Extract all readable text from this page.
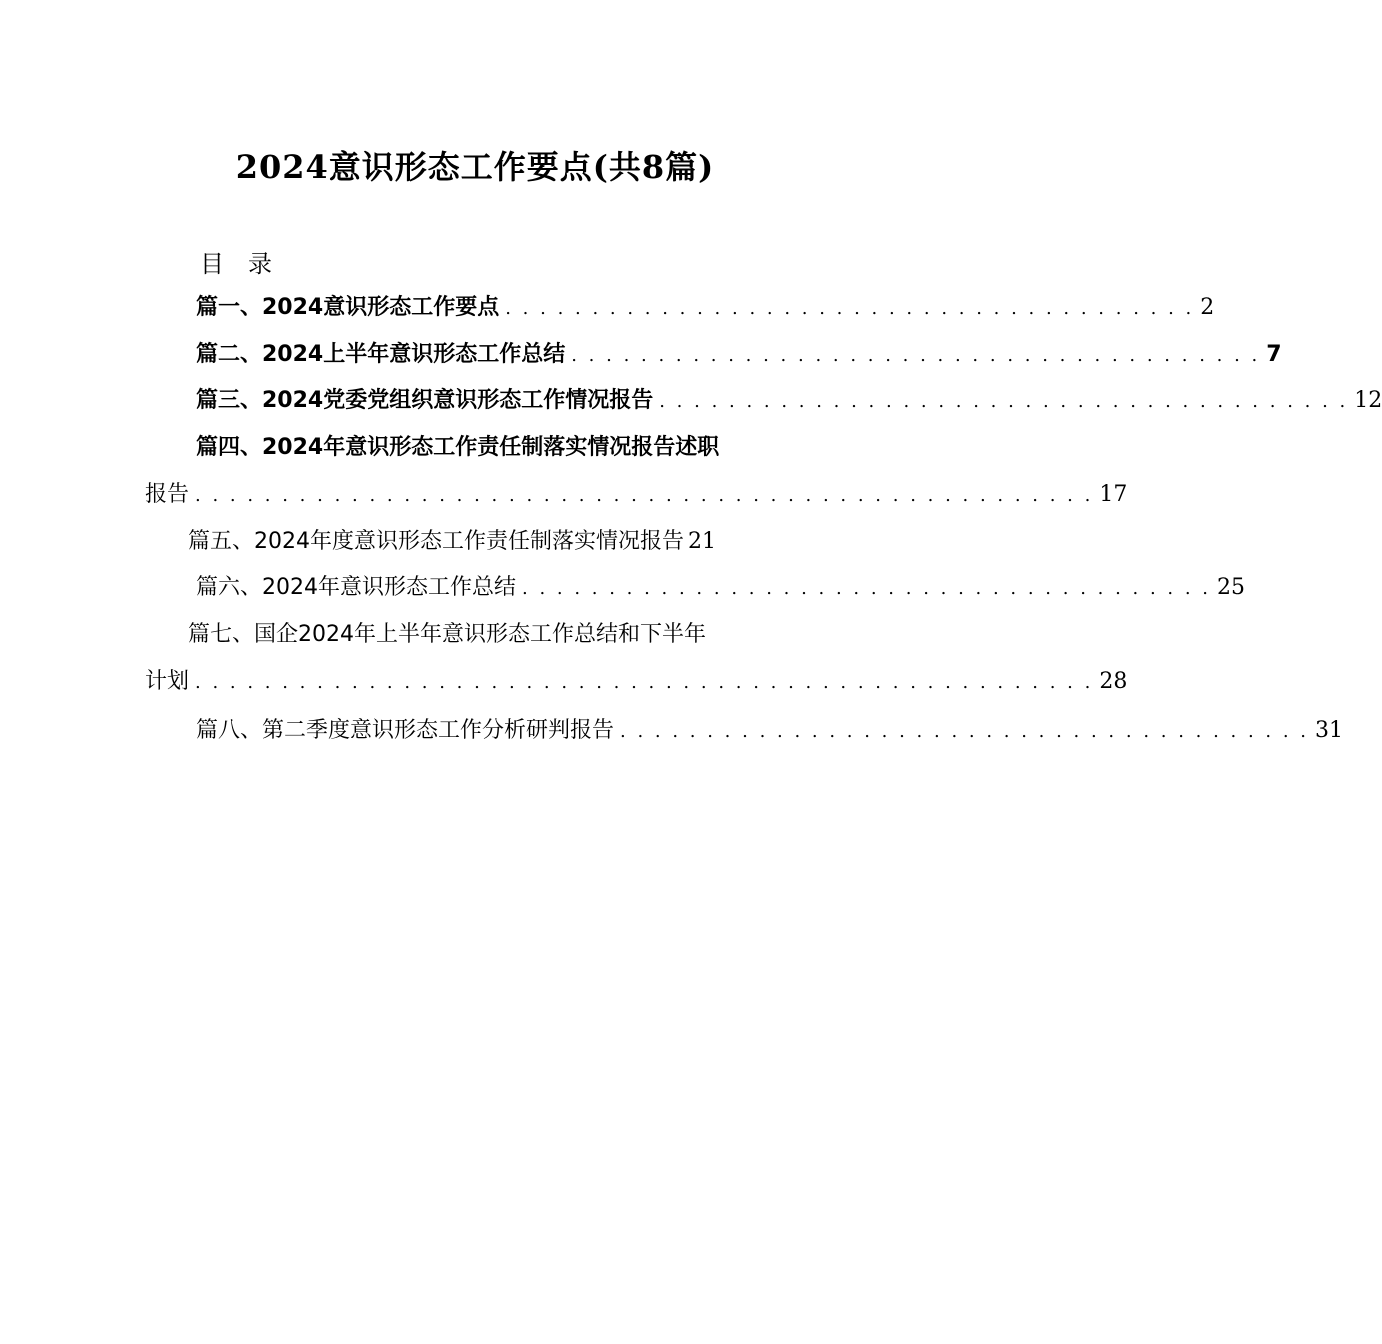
2024意识形态工作要点(共8篇)
目　录
篇一、2024意识形态工作要点 . . . . . . . . . . . . . . . . . . . . . . . . . . . . . . . . . . . . . . . . 2
篇二、2024上半年意识形态工作总结 . . . . . . . . . . . . . . . . . . . . . . . . . . . . . . . . . . . . . . . . 7
篇三、2024党委党组织意识形态工作情况报告 . . . . . . . . . . . . . . . . . . . . . . . . . . . . . . . . . . . . . . . . 12
篇四、2024年意识形态工作责任制落实情况报告述职
报告 . . . . . . . . . . . . . . . . . . . . . . . . . . . . . . . . . . . . . . . . . . . . . . . . . . . . 17
篇五、2024年度意识形态工作责任制落实情况报告 21
篇六、2024年意识形态工作总结 . . . . . . . . . . . . . . . . . . . . . . . . . . . . . . . . . . . . . . . . 25
篇七、国企2024年上半年意识形态工作总结和下半年
计划 . . . . . . . . . . . . . . . . . . . . . . . . . . . . . . . . . . . . . . . . . . . . . . . . . . . . 28
篇八、第二季度意识形态工作分析研判报告 . . . . . . . . . . . . . . . . . . . . . . . . . . . . . . . . . . . . . . . . 31
